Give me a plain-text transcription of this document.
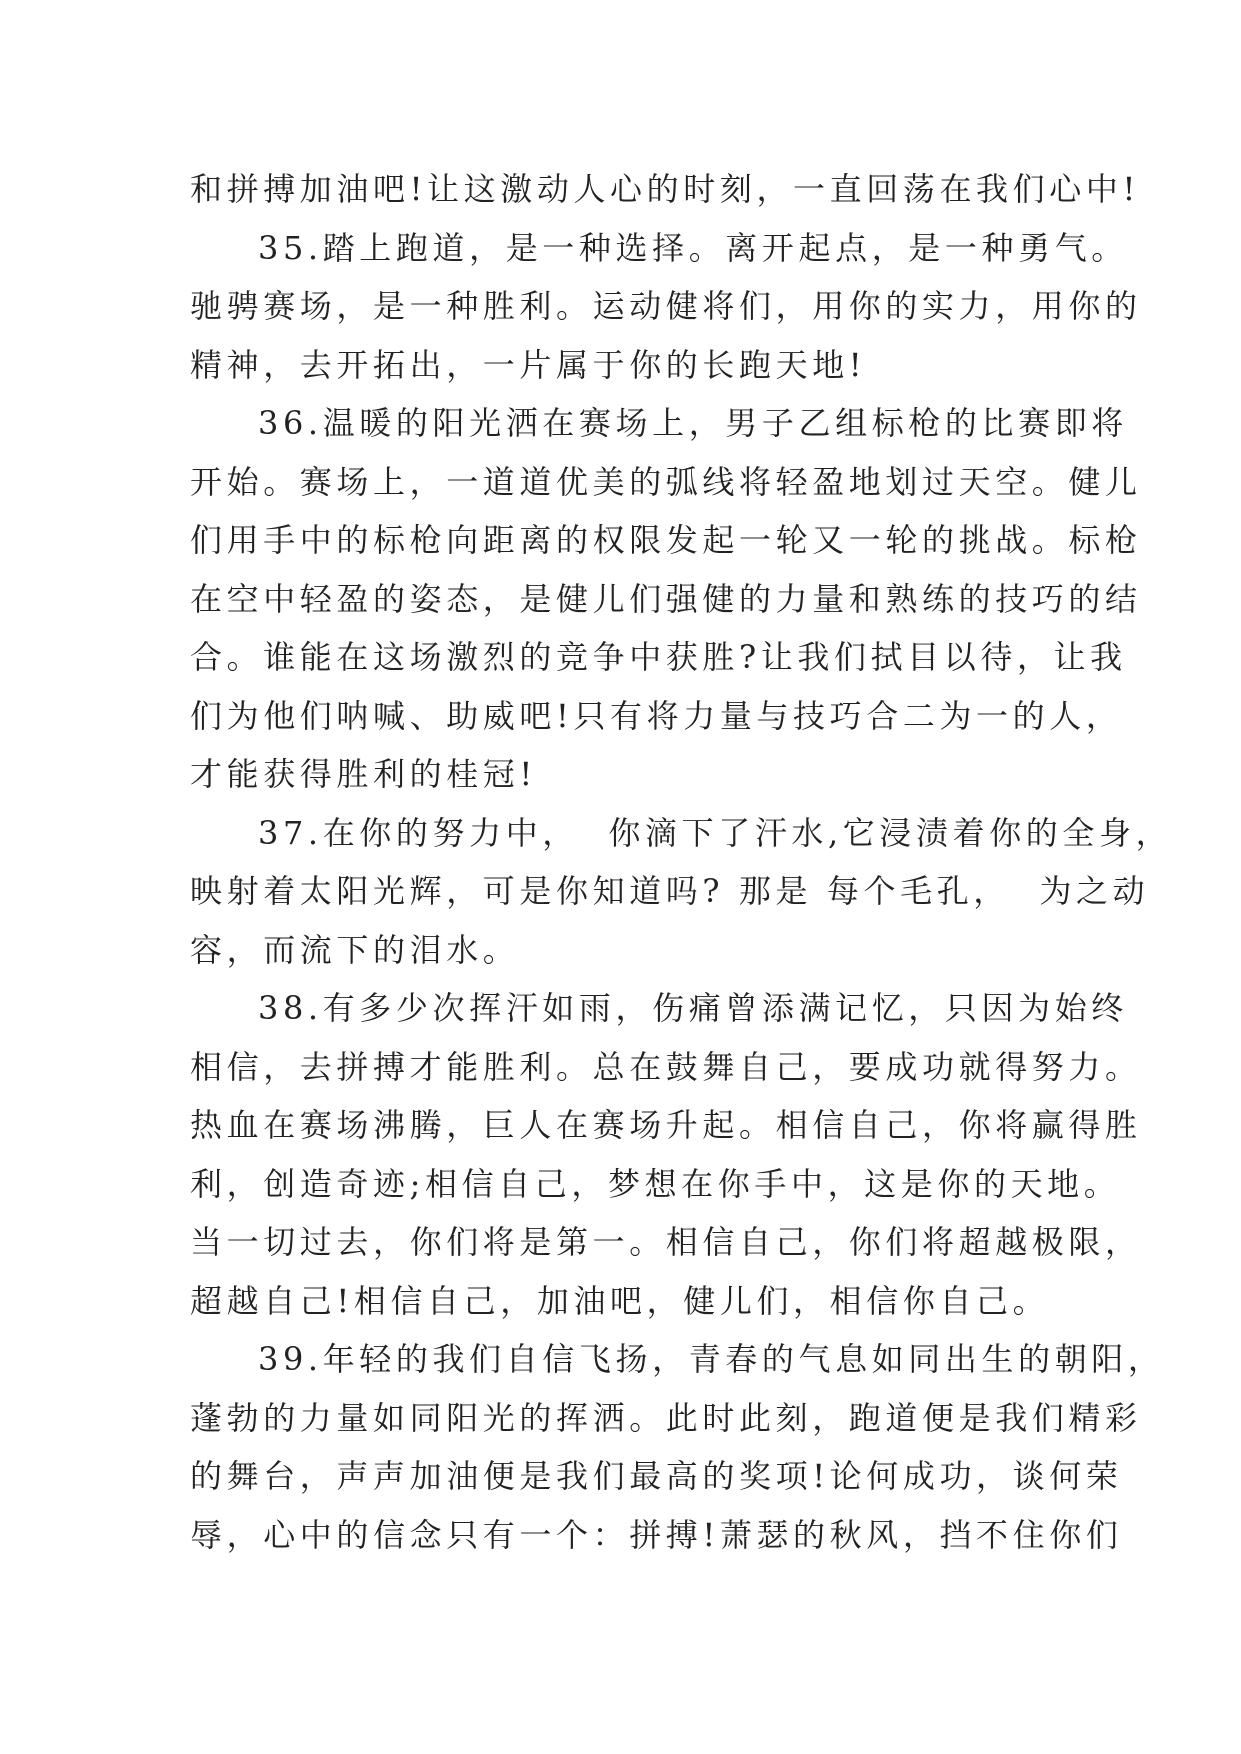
和拼搏加油吧!让这激动人心的时刻，一直回荡在我们心中!
35.踏上跑道，是一种选择。离开起点，是一种勇气。
驰骋赛场，是一种胜利。运动健将们，用你的实力，用你的
精神，去开拓出，一片属于你的长跑天地!
36.温暖的阳光洒在赛场上，男子乙组标枪的比赛即将
开始。赛场上，一道道优美的弧线将轻盈地划过天空。健儿
们用手中的标枪向距离的权限发起一轮又一轮的挑战。标枪
在空中轻盈的姿态，是健儿们强健的力量和熟练的技巧的结
合。谁能在这场激烈的竞争中获胜?让我们拭目以待，让我
们为他们呐喊、助威吧!只有将力量与技巧合二为一的人，
才能获得胜利的桂冠!
37.在你的努力中，  你滴下了汗水,它浸渍着你的全身，
映射着太阳光辉，可是你知道吗? 那是 每个毛孔，  为之动
容，而流下的泪水。
38.有多少次挥汗如雨，伤痛曾添满记忆，只因为始终
相信，去拼搏才能胜利。总在鼓舞自己，要成功就得努力。
热血在赛场沸腾，巨人在赛场升起。相信自己，你将赢得胜
利，创造奇迹;相信自己，梦想在你手中，这是你的天地。
当一切过去，你们将是第一。相信自己，你们将超越极限，
超越自己!相信自己，加油吧，健儿们，相信你自己。
39.年轻的我们自信飞扬，青春的气息如同出生的朝阳，
蓬勃的力量如同阳光的挥洒。此时此刻，跑道便是我们精彩
的舞台，声声加油便是我们最高的奖项!论何成功，谈何荣
辱，心中的信念只有一个：拼搏!萧瑟的秋风，挡不住你们
